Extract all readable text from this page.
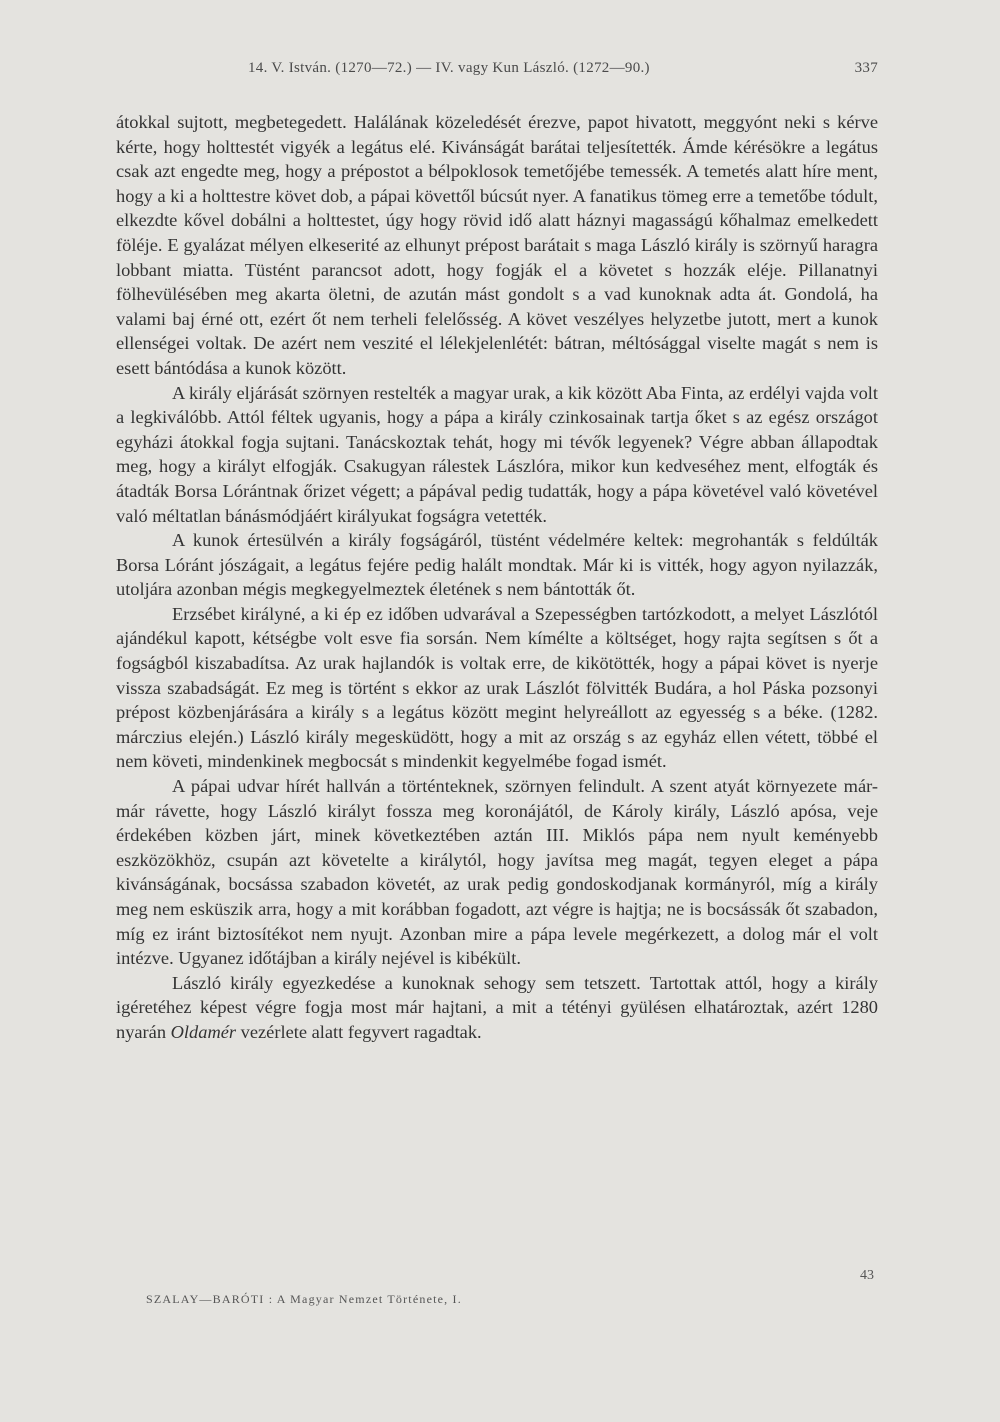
14. V. István. (1270—72.) — IV. vagy Kun László. (1272—90.)	337

átokkal sujtott, megbetegedett. Halálának közeledését érezve, papot hivatott, meggyónt neki s kérve kérte, hogy holttestét vigyék a legátus elé. Kivánságát barátai teljesítették. Ámde kérésökre a legátus csak azt engedte meg, hogy a prépostot a bélpoklosok temetőjébe temessék. A temetés alatt híre ment, hogy a ki a holttestre követ dob, a pápai követtől búcsút nyer. A fanatikus tömeg erre a temetőbe tódult, elkezdte kővel dobálni a holttestet, úgy hogy rövid idő alatt háznyi magasságú kőhalmaz emelkedett föléje. E gyalázat mélyen elkeserité az elhunyt prépost barátait s maga László király is szörnyű haragra lobbant miatta. Tüstént parancsot adott, hogy fogják el a követet s hozzák eléje. Pillanatnyi fölhevülésében meg akarta öletni, de azután mást gondolt s a vad kunoknak adta át. Gondolá, ha valami baj érné ott, ezért őt nem terheli felelősség. A követ veszélyes helyzetbe jutott, mert a kunok ellenségei voltak. De azért nem veszité el lélekjelenlétét: bátran, méltósággal viselte magát s nem is esett bántódása a kunok között.

A király eljárását szörnyen restelték a magyar urak, a kik között Aba Finta, az erdélyi vajda volt a legkiválóbb. Attól féltek ugyanis, hogy a pápa a király czinkosainak tartja őket s az egész országot egyházi átokkal fogja sujtani. Tanácskoztak tehát, hogy mi tévők legyenek? Végre abban állapodtak meg, hogy a királyt elfogják. Csakugyan rálestek Lászlóra, mikor kun kedveséhez ment, elfogták és átadták Borsa Lórántnak őrizet végett; a pápával pedig tudatták, hogy a pápa követével való követével való méltatlan bánásmódjáért királyukat fogságra vetették.

A kunok értesülvén a király fogságáról, tüstént védelmére keltek: megrohanták s feldúlták Borsa Lóránt jószágait, a legátus fejére pedig halált mondtak. Már ki is vitték, hogy agyon nyilazzák, utoljára azonban mégis megkegyelmeztek életének s nem bántották őt.

Erzsébet királyné, a ki ép ez időben udvarával a Szepességben tartózkodott, a melyet Lászlótól ajándékul kapott, kétségbe volt esve fia sorsán. Nem kímélte a költséget, hogy rajta segítsen s őt a fogságból kiszabadítsa. Az urak hajlandók is voltak erre, de kikötötték, hogy a pápai követ is nyerje vissza szabadságát. Ez meg is történt s ekkor az urak Lászlót fölvitték Budára, a hol Páska pozsonyi prépost közbenjárására a király s a legátus között megint helyreállott az egyesség s a béke. (1282. márczius elején.) László király megesküdött, hogy a mit az ország s az egyház ellen vétett, többé el nem követi, mindenkinek megbocsát s mindenkit kegyelmébe fogad ismét.

A pápai udvar hírét hallván a történteknek, szörnyen felindult. A szent atyát környezete már-már rávette, hogy László királyt fossza meg koronájától, de Károly király, László apósa, veje érdekében közben járt, minek következtében aztán III. Miklós pápa nem nyult keményebb eszközökhöz, csupán azt követelte a királytól, hogy javítsa meg magát, tegyen eleget a pápa kivánságának, bocsássa szabadon követét, az urak pedig gondoskodjanak kormányról, míg a király meg nem esküszik arra, hogy a mit korábban fogadott, azt végre is hajtja; ne is bocsássák őt szabadon, míg ez iránt biztosítékot nem nyujt. Azonban mire a pápa levele megérkezett, a dolog már el volt intézve. Ugyanez időtájban a király nejével is kibékült.

László király egyezkedése a kunoknak sehogy sem tetszett. Tartottak attól, hogy a király igéretéhez képest végre fogja most már hajtani, a mit a tétényi gyülésen elhatároztak, azért 1280 nyarán Oldamér vezérlete alatt fegyvert ragadtak.

43
SZALAY—BARÓTI : A Magyar Nemzet Története, I.
